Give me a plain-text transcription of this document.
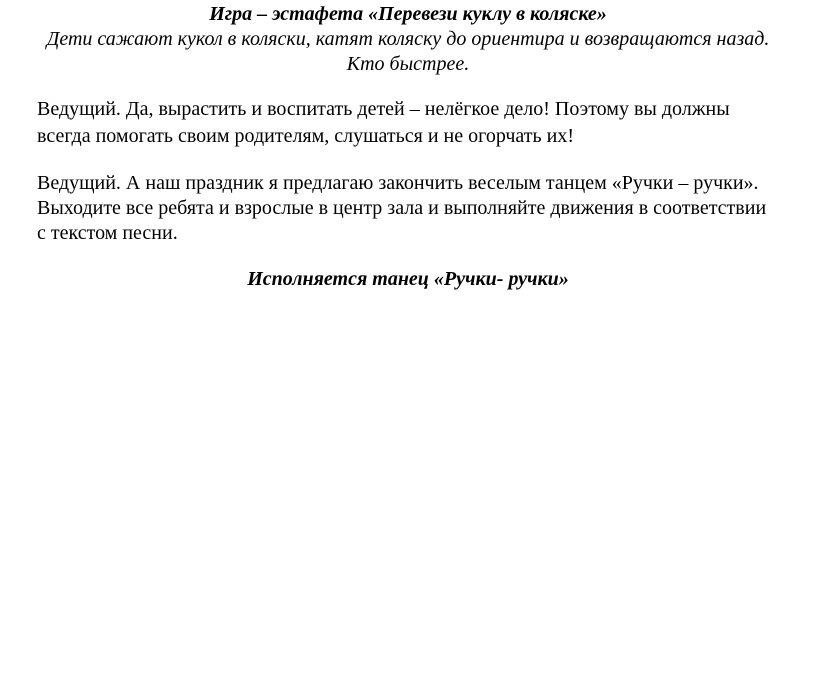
Игра – эстафета «Перевези куклу в коляске»
Дети сажают кукол в коляски, катят коляску до ориентира и возвращаются назад.
Кто быстрее.
Ведущий. Да, вырастить и воспитать детей – нелёгкое дело! Поэтому вы должны
всегда помогать своим родителям, слушаться и не огорчать их!
Ведущий. А наш праздник я предлагаю закончить веселым танцем «Ручки – ручки».
Выходите все ребята и взрослые в центр зала и выполняйте движения в соответствии
с текстом песни.
Исполняется танец «Ручки- ручки»
